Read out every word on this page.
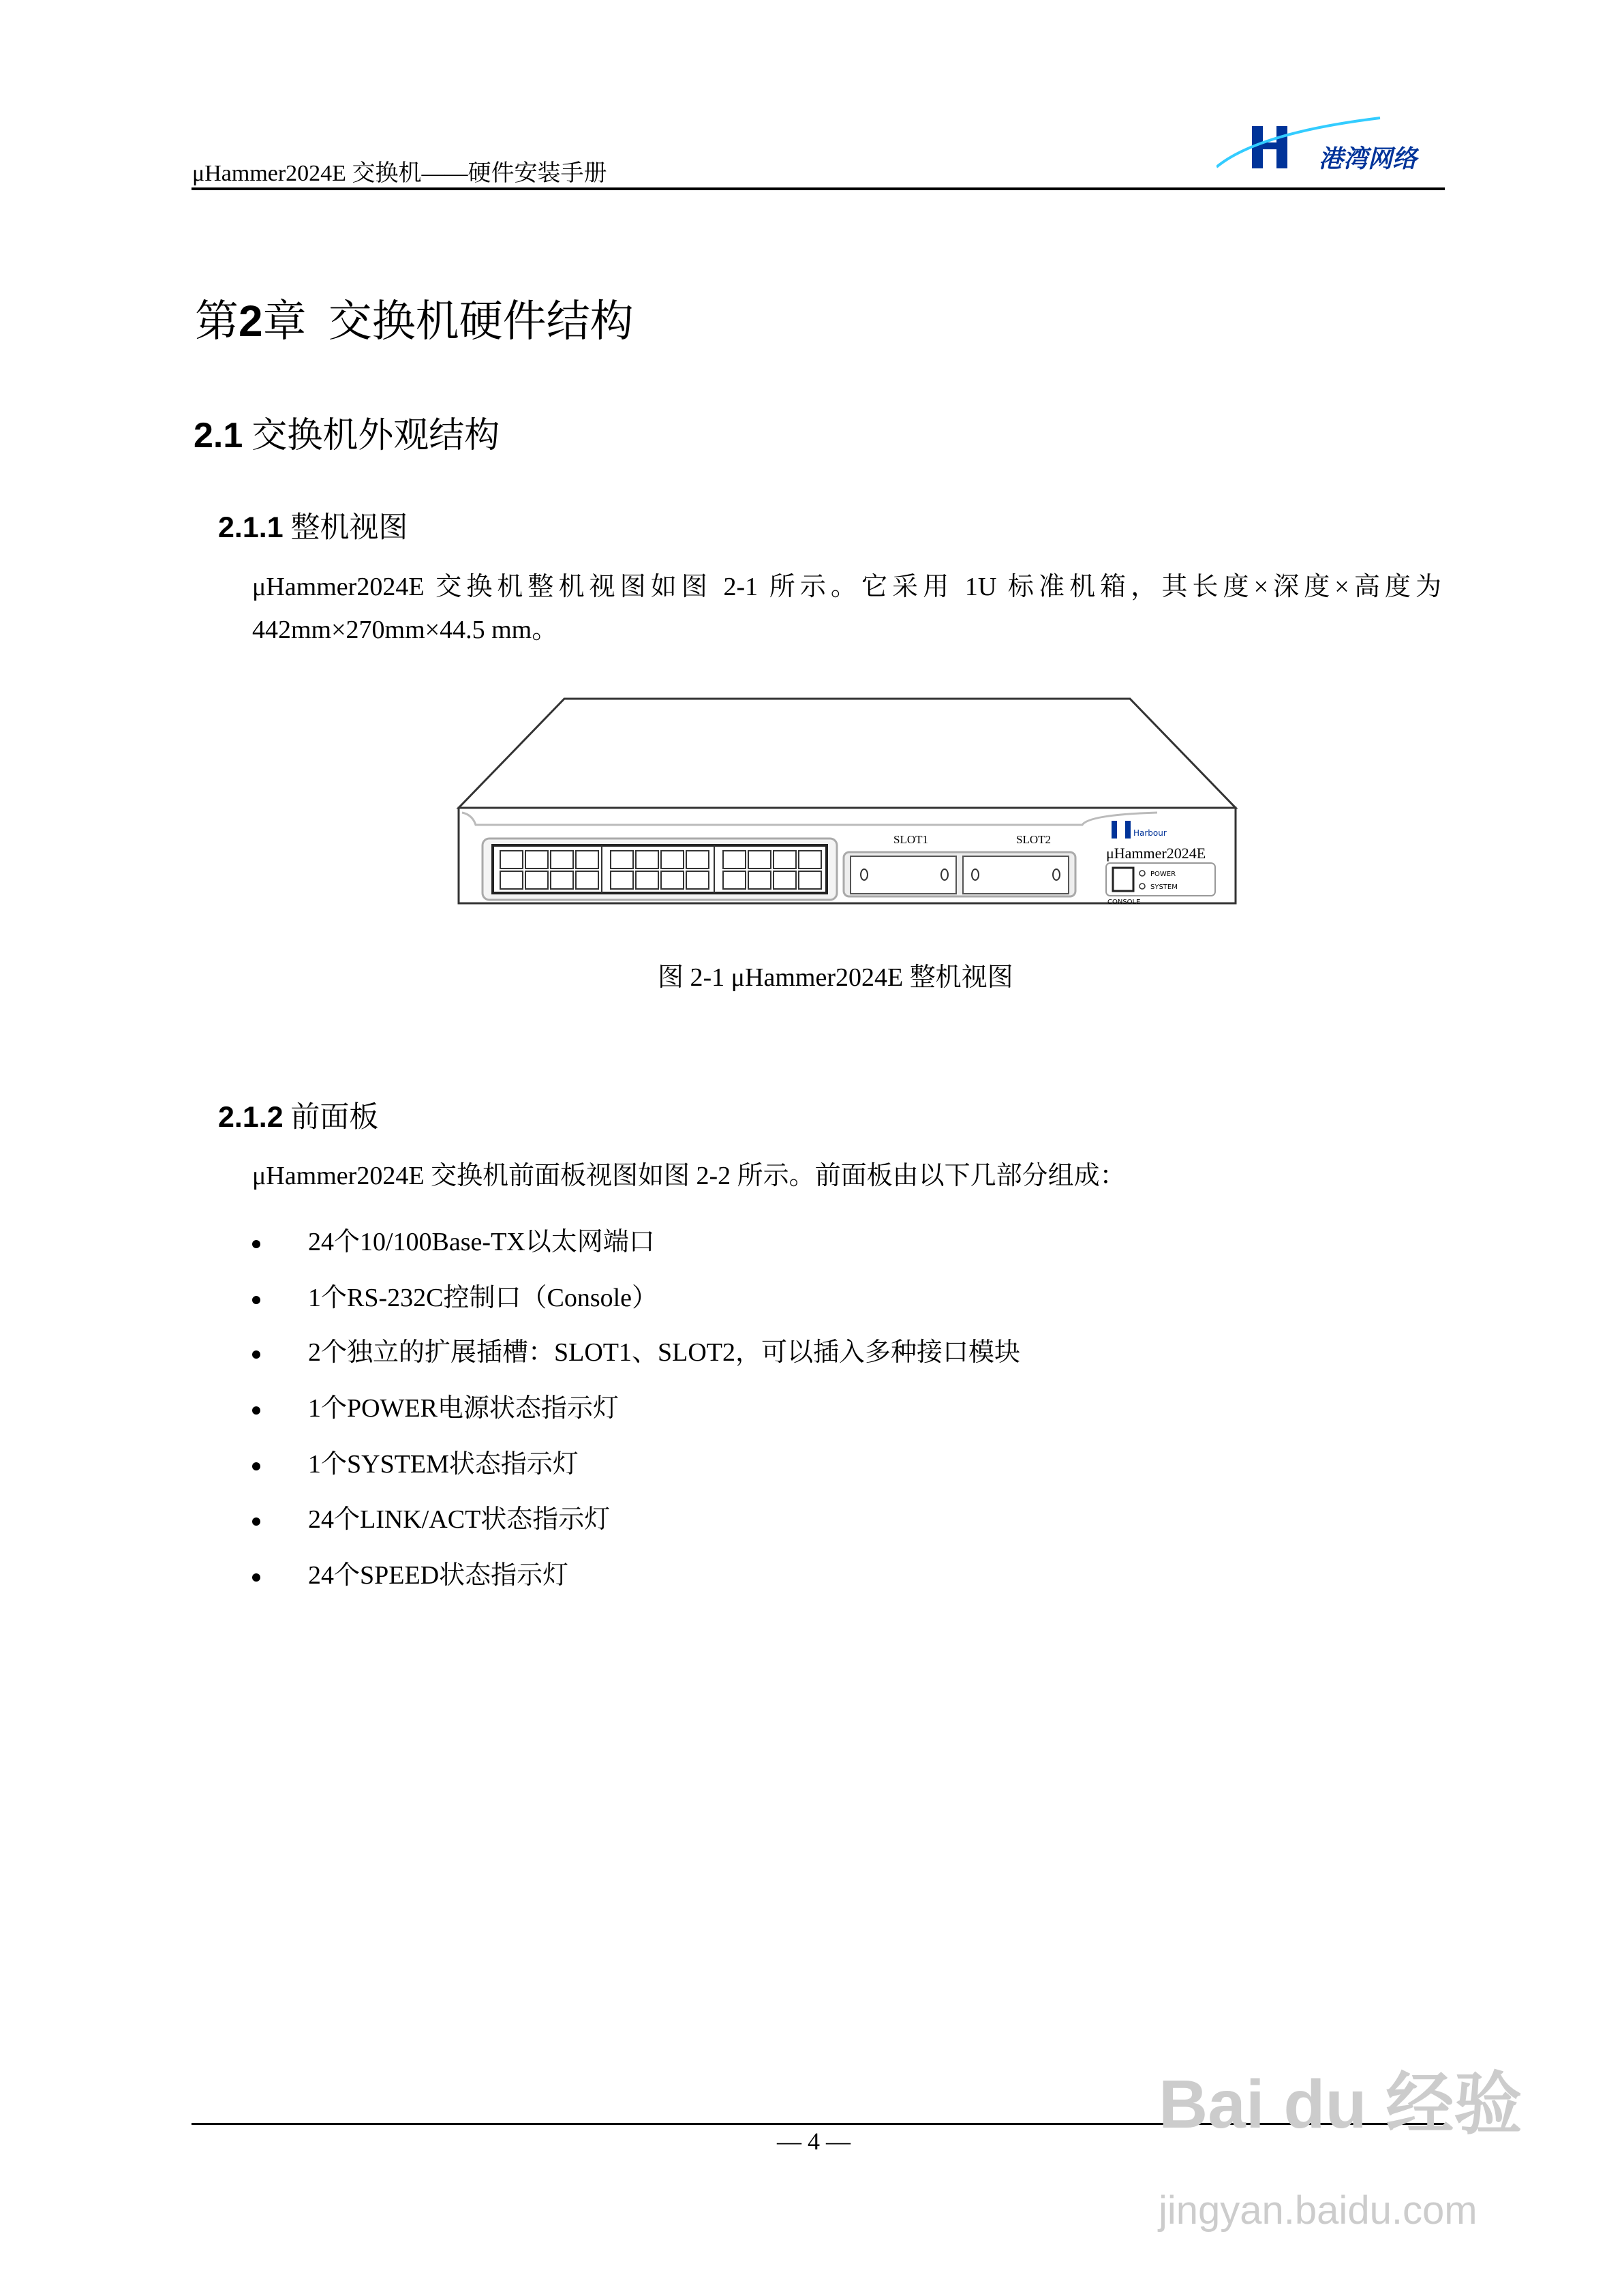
μHammer2024E 交换机——硬件安装手册
港湾网络
第2章 交换机硬件结构
2.1 交换机外观结构
2.1.1 整机视图
μHammer2024E 交换机整机视图如图 2-1 所示。它采用 1U 标准机箱，其长度×深度×高度为 442mm×270mm×44.5 mm。
SLOT1	SLOT2	Harbour
μHammer2024E
POWER
SYSTEM
CONSOLE
图 2-1 μHammer2024E 整机视图
2.1.2 前面板
μHammer2024E 交换机前面板视图如图 2-2 所示。前面板由以下几部分组成：
24个10/100Base-TX以太网端口
1个RS-232C控制口（Console）
2个独立的扩展插槽：SLOT1、SLOT2，可以插入多种接口模块
1个POWER电源状态指示灯
1个SYSTEM状态指示灯
24个LINK/ACT状态指示灯
24个SPEED状态指示灯
— 4 —	Bai du 经验
jingyan.baidu.com
